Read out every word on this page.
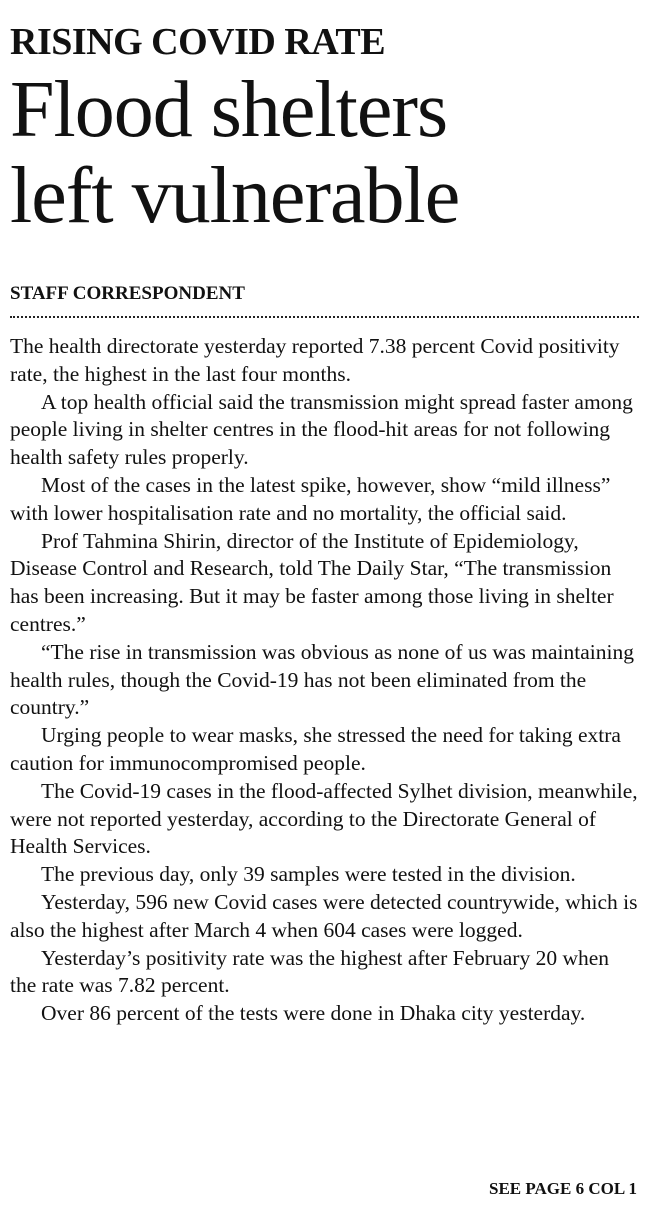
RISING COVID RATE
Flood shelters
left vulnerable
STAFF CORRESPONDENT

The health directorate yesterday reported 7.38 percent Covid positivity rate, the highest in the last four months.

A top health official said the transmission might spread faster among people living in shelter centres in the flood-hit areas for not following health safety rules properly.

Most of the cases in the latest spike, however, show “mild illness” with lower hospitalisation rate and no mortality, the official said.

Prof Tahmina Shirin, director of the Institute of Epidemiology, Disease Control and Research, told The Daily Star, “The transmission has been increasing. But it may be faster among those living in shelter centres.”

“The rise in transmission was obvious as none of us was maintaining health rules, though the Covid-19 has not been eliminated from the country.”

Urging people to wear masks, she stressed the need for taking extra caution for immunocompromised people.

The Covid-19 cases in the flood-affected Sylhet division, meanwhile, were not reported yesterday, according to the Directorate General of Health Services.

The previous day, only 39 samples were tested in the division.

Yesterday, 596 new Covid cases were detected countrywide, which is also the highest after March 4 when 604 cases were logged.

Yesterday’s positivity rate was the highest after February 20 when the rate was 7.82 percent.

Over 86 percent of the tests were done in Dhaka city yesterday.

SEE PAGE 6 COL 1
